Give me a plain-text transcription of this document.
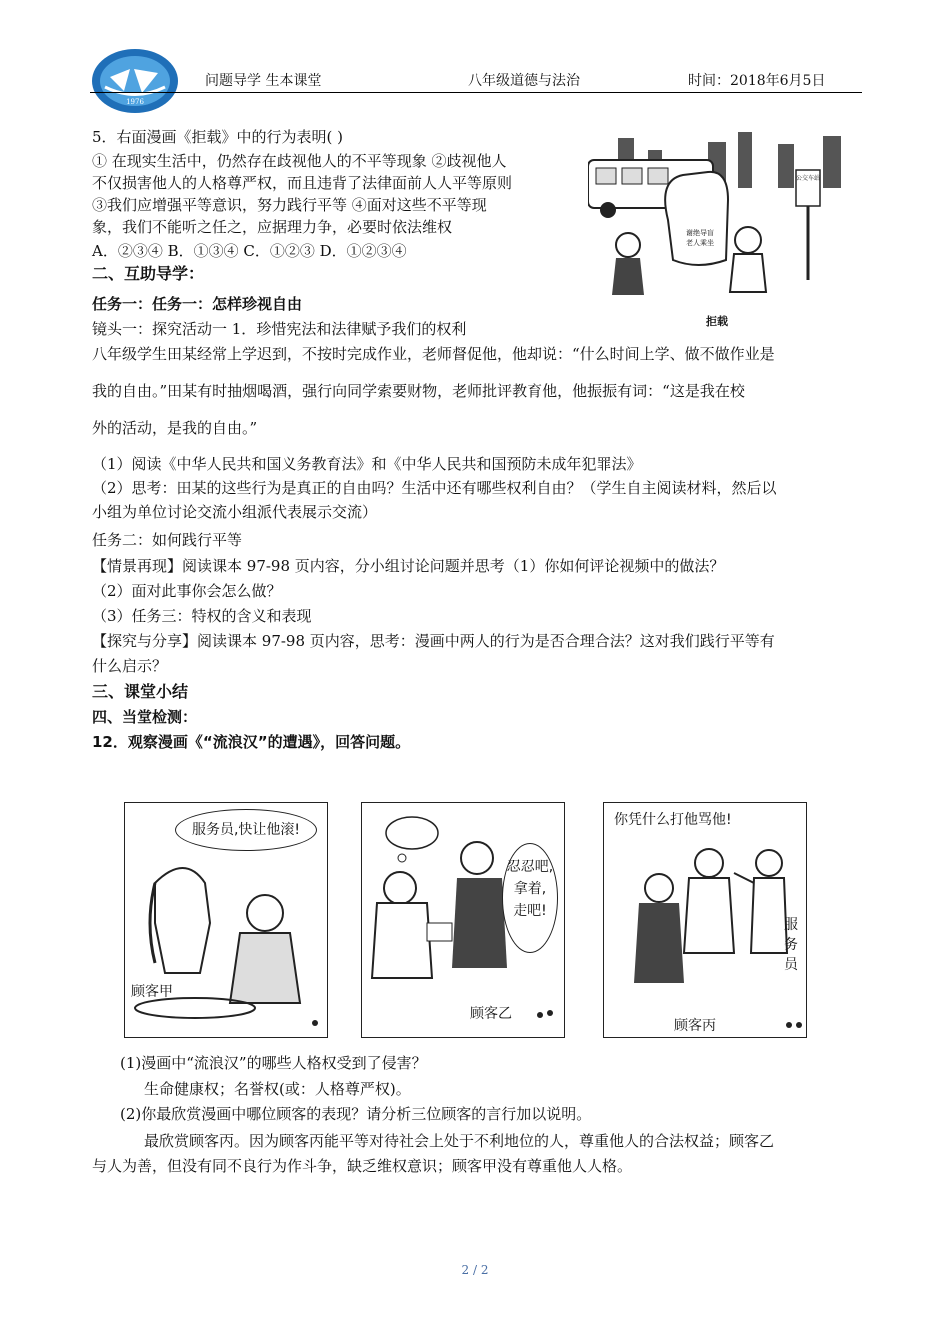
1976
问题导学 生本课堂	八年级道德与法治	时间：2018年6月5日
5．右面漫画《拒载》中的行为表明( )
① 在现实生活中，仍然存在歧视他人的不平等现象 ②歧视他人
不仅损害他人的人格尊严权，而且违背了法律面前人人平等原则
③我们应增强平等意识，努力践行平等 ④面对这些不平等现
象，我们不能听之任之，应据理力争，必要时依法维权
A．②③④ B．①③④ C．①②③ D．①②③④
谢绝导盲
老人乘坐
公交车站
拒载
二、互助导学：
任务一：任务一：怎样珍视自由
镜头一：探究活动一 1．珍惜宪法和法律赋予我们的权利
八年级学生田某经常上学迟到，不按时完成作业，老师督促他，他却说：“什么时间上学、做不做作业是
我的自由。”田某有时抽烟喝酒，强行向同学索要财物，老师批评教育他，他振振有词：“这是我在校
外的活动，是我的自由。”
（1）阅读《中华人民共和国义务教育法》和《中华人民共和国预防未成年犯罪法》
（2）思考：田某的这些行为是真正的自由吗？生活中还有哪些权利自由？（学生自主阅读材料，然后以
小组为单位讨论交流小组派代表展示交流）
任务二：如何践行平等
【情景再现】阅读课本 97-98 页内容，分小组讨论问题并思考（1）你如何评论视频中的做法？
（2）面对此事你会怎么做？
（3）任务三：特权的含义和表现
【探究与分享】阅读课本 97-98 页内容，思考：漫画中两人的行为是否合理合法？这对我们践行平等有
什么启示？
三、课堂小结
四、当堂检测：
12．观察漫画《“流浪汉”的遭遇》，回答问题。
服务员,快让他滚!
顾客甲
忍忍吧,
拿着,
走吧!
顾客乙
你凭什么打他骂他!
服
务
员
顾客丙
(1)漫画中“流浪汉”的哪些人格权受到了侵害？
生命健康权；名誉权(或：人格尊严权)。
(2)你最欣赏漫画中哪位顾客的表现？请分析三位顾客的言行加以说明。
最欣赏顾客丙。因为顾客丙能平等对待社会上处于不利地位的人，尊重他人的合法权益；顾客乙
与人为善，但没有同不良行为作斗争，缺乏维权意识；顾客甲没有尊重他人人格。
2 / 2
